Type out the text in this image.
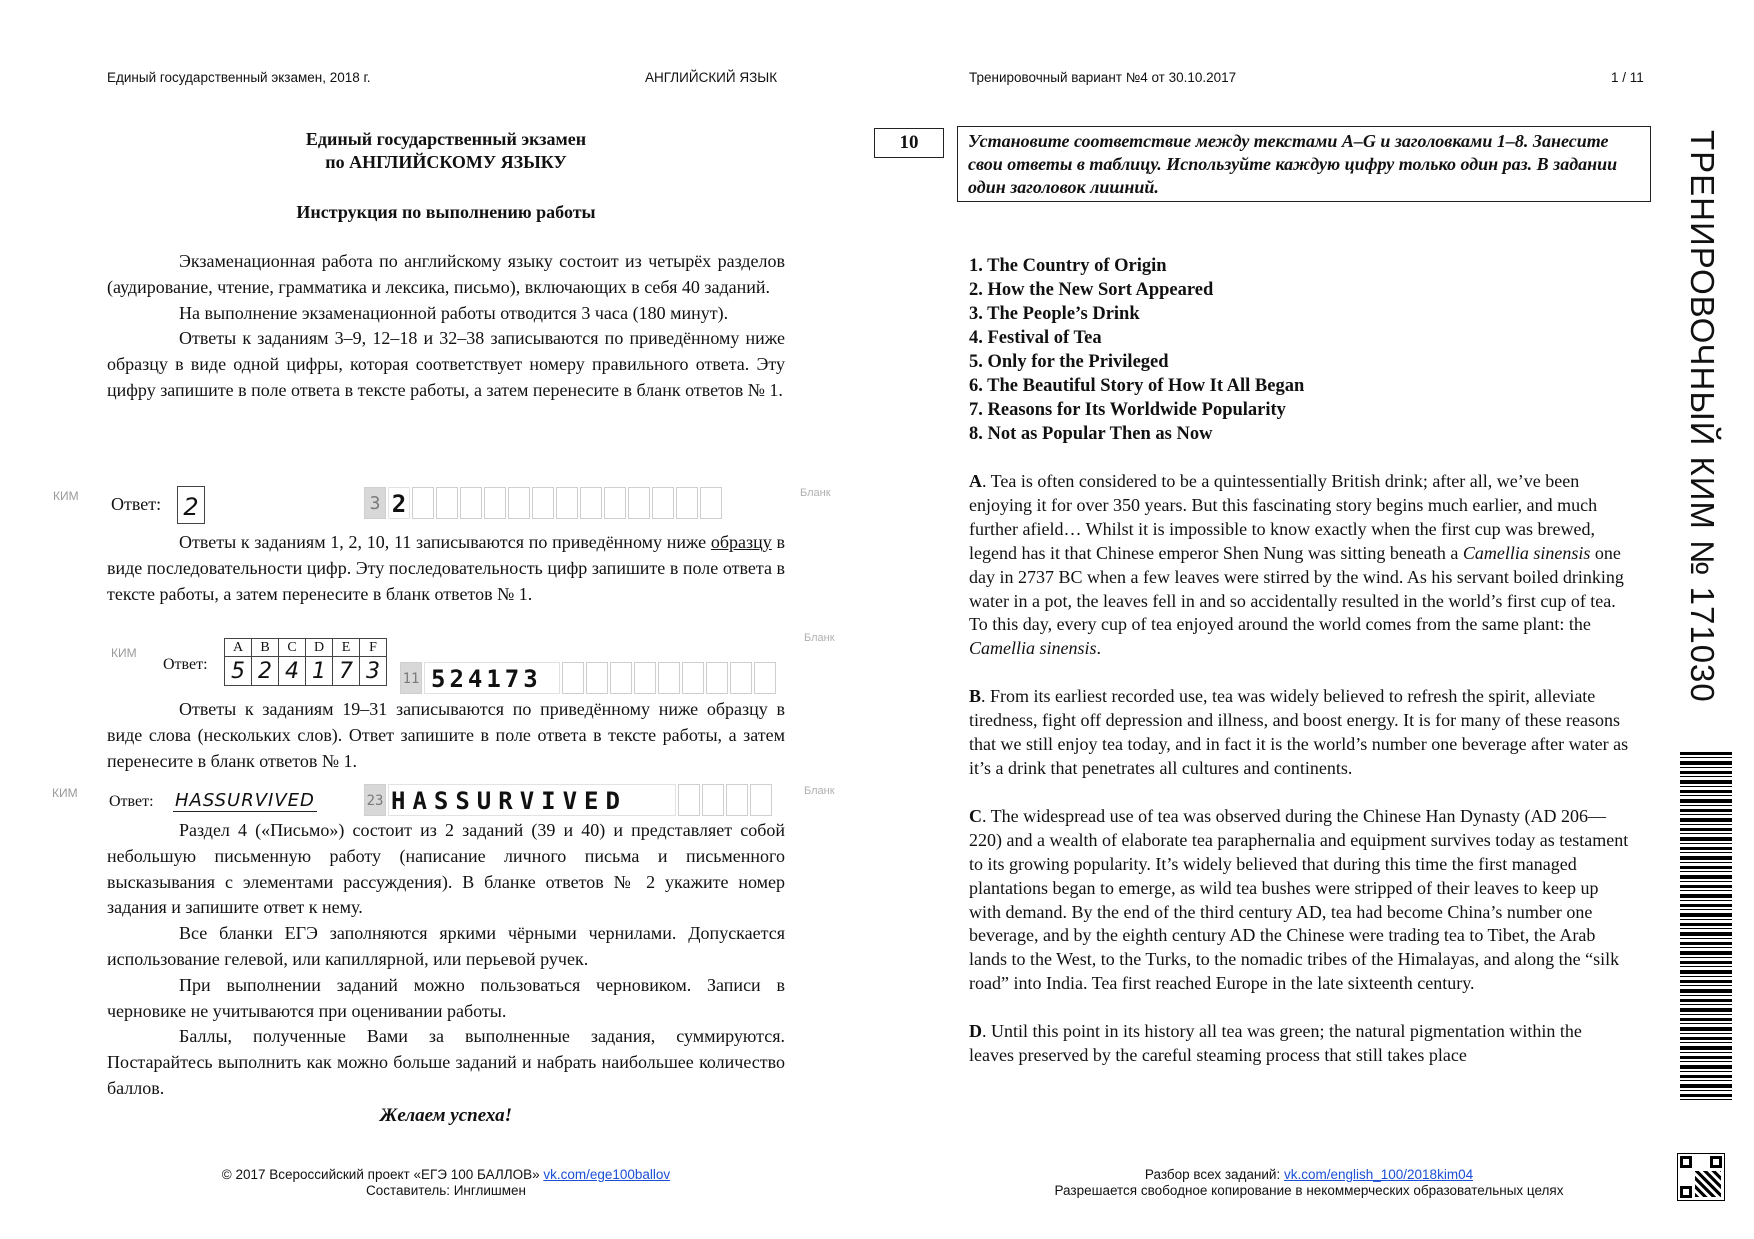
Единый государственный экзамен, 2018 г.	АНГЛИЙСКИЙ ЯЗЫК	Тренировочный вариант №4 от 30.10.2017	1 / 11
Единый государственный экзамен
по АНГЛИЙСКОМУ ЯЗЫКУ
Инструкция по выполнению работы

Экзаменационная работа по английскому языку состоит из четырёх разделов (аудирование, чтение, грамматика и лексика, письмо), включающих в себя 40 заданий.

На выполнение экзаменационной работы отводится 3 часа (180 минут).

Ответы к заданиям 3–9, 12–18 и 32–38 записываются по приведённому ниже образцу в виде одной цифры, которая соответствует номеру правильного ответа. Эту цифру запишите в поле ответа в тексте работы, а затем перенесите в бланк ответов № 1.

КИМ Ответ: 2	3 2	Бланк

Ответы к заданиям 1, 2, 10, 11 записываются по приведённому ниже образцу в виде последовательности цифр. Эту последовательность цифр запишите в поле ответа в тексте работы, а затем перенесите в бланк ответов № 1.

КИМ
Ответ:
A	B	C	D	E	F
5	2	4	1	7	3 11 524173
Бланк

Ответы к заданиям 19–31 записываются по приведённому ниже образцу в виде слова (нескольких слов). Ответ запишите в поле ответа в тексте работы, а затем перенесите в бланк ответов № 1.

КИМ Ответ: HASSURVIVED	23 HASSURVIVED	Бланк

Раздел 4 («Письмо») состоит из 2 заданий (39 и 40) и представляет собой небольшую письменную работу (написание личного письма и письменного высказывания с элементами рассуждения). В бланке ответов № 2 укажите номер задания и запишите ответ к нему.

Все бланки ЕГЭ заполняются яркими чёрными чернилами. Допускается использование гелевой, или капиллярной, или перьевой ручек.

При выполнении заданий можно пользоваться черновиком. Записи в черновике не учитываются при оценивании работы.

Баллы, полученные Вами за выполненные задания, суммируются. Постарайтесь выполнить как можно больше заданий и набрать наибольшее количество баллов.

Желаем успеха!
© 2017 Всероссийский проект «ЕГЭ 100 БАЛЛОВ» vk.com/ege100ballov
Составитель: Инглишмен
10	Установите соответствие между текстами A–G и заголовками 1–8. Занесите свои ответы в таблицу. Используйте каждую цифру только один раз. В задании один заголовок лишний.
1. The Country of Origin
2. How the New Sort Appeared
3. The People’s Drink
4. Festival of Tea
5. Only for the Privileged
6. The Beautiful Story of How It All Began
7. Reasons for Its Worldwide Popularity
8. Not as Popular Then as Now

A. Tea is often considered to be a quintessentially British drink; after all, we’ve been enjoying it for over 350 years. But this fascinating story begins much earlier, and much further afield… Whilst it is impossible to know exactly when the first cup was brewed, legend has it that Chinese emperor Shen Nung was sitting beneath a Camellia sinensis one day in 2737 BC when a few leaves were stirred by the wind. As his servant boiled drinking water in a pot, the leaves fell in and so accidentally resulted in the world’s first cup of tea. To this day, every cup of tea enjoyed around the world comes from the same plant: the Camellia sinensis.

B. From its earliest recorded use, tea was widely believed to refresh the spirit, alleviate tiredness, fight off depression and illness, and boost energy. It is for many of these reasons that we still enjoy tea today, and in fact it is the world’s number one beverage after water as it’s a drink that penetrates all cultures and continents.

C. The widespread use of tea was observed during the Chinese Han Dynasty (AD 206—220) and a wealth of elaborate tea paraphernalia and equipment survives today as testament to its growing popularity. It’s widely believed that during this time the first managed plantations began to emerge, as wild tea bushes were stripped of their leaves to keep up with demand. By the end of the third century AD, tea had become China’s number one beverage, and by the eighth century AD the Chinese were trading tea to Tibet, the Arab lands to the West, to the Turks, to the nomadic tribes of the Himalayas, and along the “silk road” into India. Tea first reached Europe in the late sixteenth century.

D. Until this point in its history all tea was green; the natural pigmentation within the leaves preserved by the careful steaming process that still takes place

Разбор всех заданий: vk.com/english_100/2018kim04
Разрешается свободное копирование в некоммерческих образовательных целях
ТРЕНИРОВОЧНЫЙ КИМ № 171030
